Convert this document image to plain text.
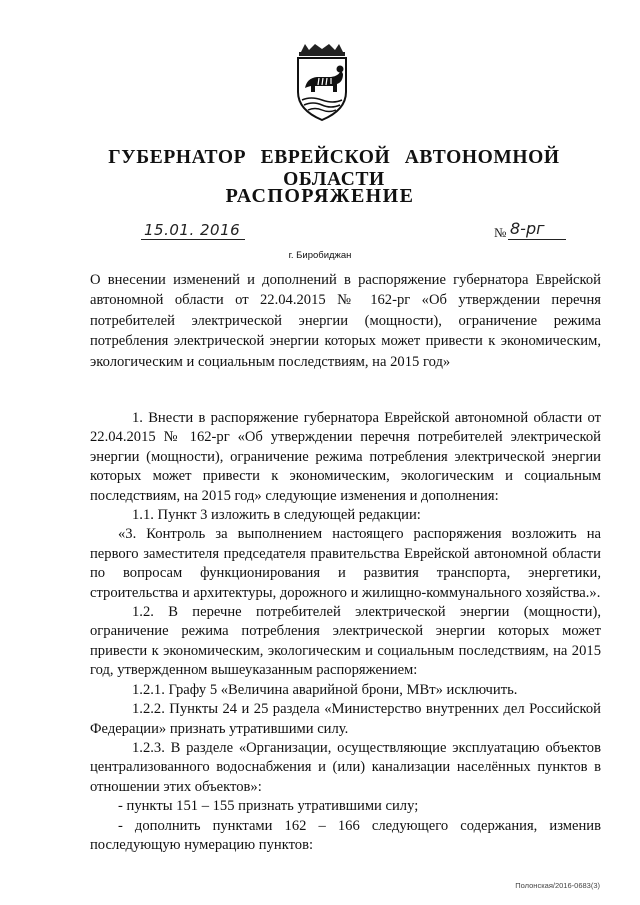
ГУБЕРНАТОР ЕВРЕЙСКОЙ АВТОНОМНОЙ ОБЛАСТИ
РАСПОРЯЖЕНИЕ
15.01. 2016	№ 8-рг
г. Биробиджан
О внесении изменений и дополнений в распоряжение губернатора Еврейской автономной области от 22.04.2015 № 162-рг «Об утверждении перечня потребителей электрической энергии (мощности), ограничение режима потребления электрической энергии которых может привести к экономическим, экологическим и социальным последствиям, на 2015 год»

1. Внести в распоряжение губернатора Еврейской автономной области от 22.04.2015 № 162-рг «Об утверждении перечня потребителей электрической энергии (мощности), ограничение режима потребления электрической энергии которых может привести к экономическим, экологическим и социальным последствиям, на 2015 год» следующие изменения и дополнения:

1.1. Пункт 3 изложить в следующей редакции:

«3. Контроль за выполнением настоящего распоряжения возложить на первого заместителя председателя правительства Еврейской автономной области по вопросам функционирования и развития транспорта, энергетики, строительства и архитектуры, дорожного и жилищно-коммунального хозяйства.».

1.2. В перечне потребителей электрической энергии (мощности), ограничение режима потребления электрической энергии которых может привести к экономическим, экологическим и социальным последствиям, на 2015 год, утвержденном вышеуказанным распоряжением:

1.2.1. Графу 5 «Величина аварийной брони, МВт» исключить.

1.2.2. Пункты 24 и 25 раздела «Министерство внутренних дел Российской Федерации» признать утратившими силу.

1.2.3. В разделе «Организации, осуществляющие эксплуатацию объектов централизованного водоснабжения и (или) канализации населённых пунктов в отношении этих объектов»:

- пункты 151 – 155 признать утратившими силу;

- дополнить пунктами 162 – 166 следующего содержания, изменив последующую нумерацию пунктов:

Полонская/2016-0683(3)
